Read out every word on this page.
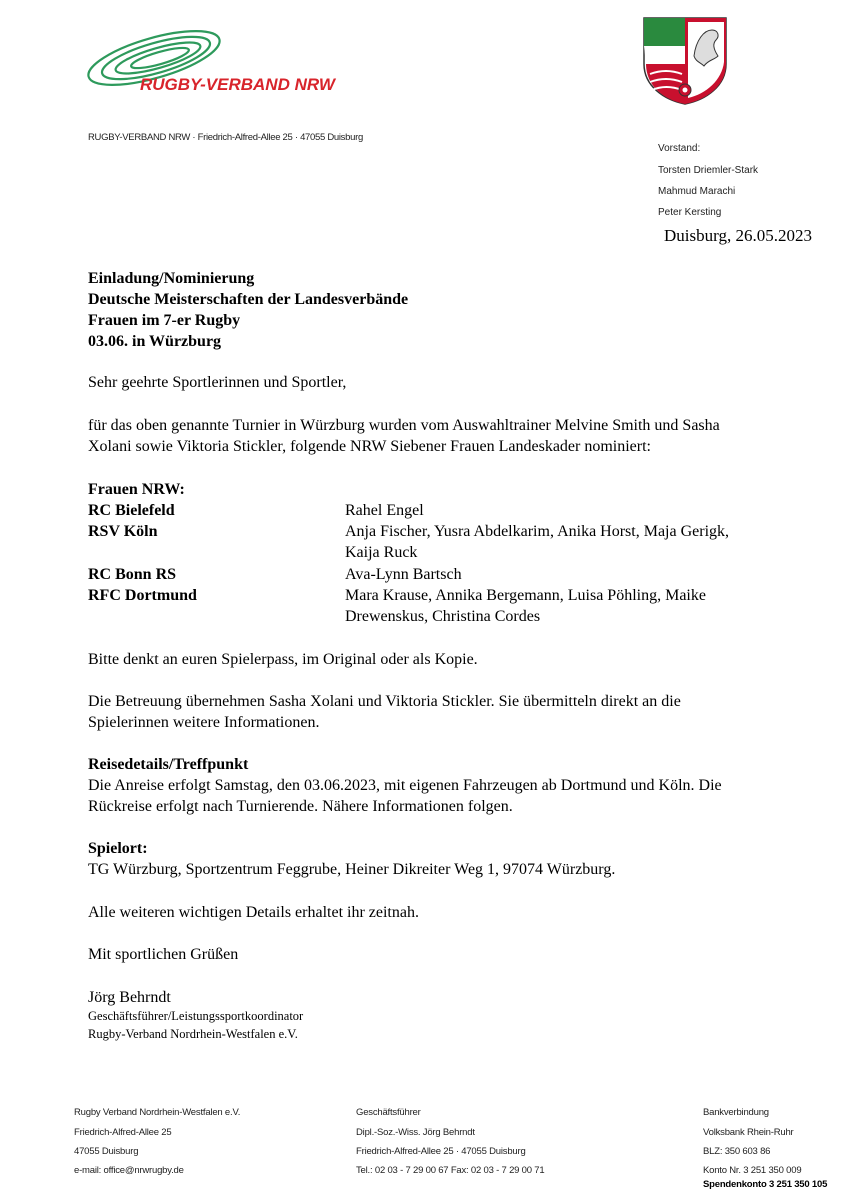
RUGBY-VERBAND NRW
RUGBY-VERBAND NRW · Friedrich-Alfred-Allee 25 · 47055 Duisburg
Vorstand:
Torsten Driemler-Stark
Mahmud Marachi
Peter Kersting
Duisburg, 26.05.2023
Einladung/Nominierung
Deutsche Meisterschaften der Landesverbände
Frauen im 7-er Rugby
03.06. in Würzburg
Sehr geehrte Sportlerinnen und Sportler,
für das oben genannte Turnier in Würzburg wurden vom Auswahltrainer Melvine Smith und Sasha
Xolani sowie Viktoria Stickler, folgende NRW Siebener Frauen Landeskader nominiert:
Frauen NRW:
RC Bielefeld	Rahel Engel
RSV Köln	Anja Fischer, Yusra Abdelkarim, Anika Horst, Maja Gerigk,
Kaija Ruck
RC Bonn RS	Ava-Lynn Bartsch
RFC Dortmund	Mara Krause, Annika Bergemann, Luisa Pöhling, Maike
Drewenskus, Christina Cordes
Bitte denkt an euren Spielerpass, im Original oder als Kopie.
Die Betreuung übernehmen Sasha Xolani und Viktoria Stickler. Sie übermitteln direkt an die
Spielerinnen weitere Informationen.
Reisedetails/Treffpunkt
Die Anreise erfolgt Samstag, den 03.06.2023, mit eigenen Fahrzeugen ab Dortmund und Köln. Die
Rückreise erfolgt nach Turnierende. Nähere Informationen folgen.
Spielort:
TG Würzburg, Sportzentrum Feggrube, Heiner Dikreiter Weg 1, 97074 Würzburg.
Alle weiteren wichtigen Details erhaltet ihr zeitnah.
Mit sportlichen Grüßen
Jörg Behrndt
Geschäftsführer/Leistungssportkoordinator
Rugby-Verband Nordrhein-Westfalen e.V.
Rugby Verband Nordrhein-Westfalen e.V.
Friedrich-Alfred-Allee 25
47055 Duisburg
e-mail: office@nrwrugby.de
Geschäftsführer
Dipl.-Soz.-Wiss. Jörg Behrndt
Friedrich-Alfred-Allee 25 · 47055 Duisburg
Tel.: 02 03 - 7 29 00 67 Fax: 02 03 - 7 29 00 71
Bankverbindung
Volksbank Rhein-Ruhr
BLZ: 350 603 86
Konto Nr. 3 251 350 009
Spendenkonto 3 251 350 105
